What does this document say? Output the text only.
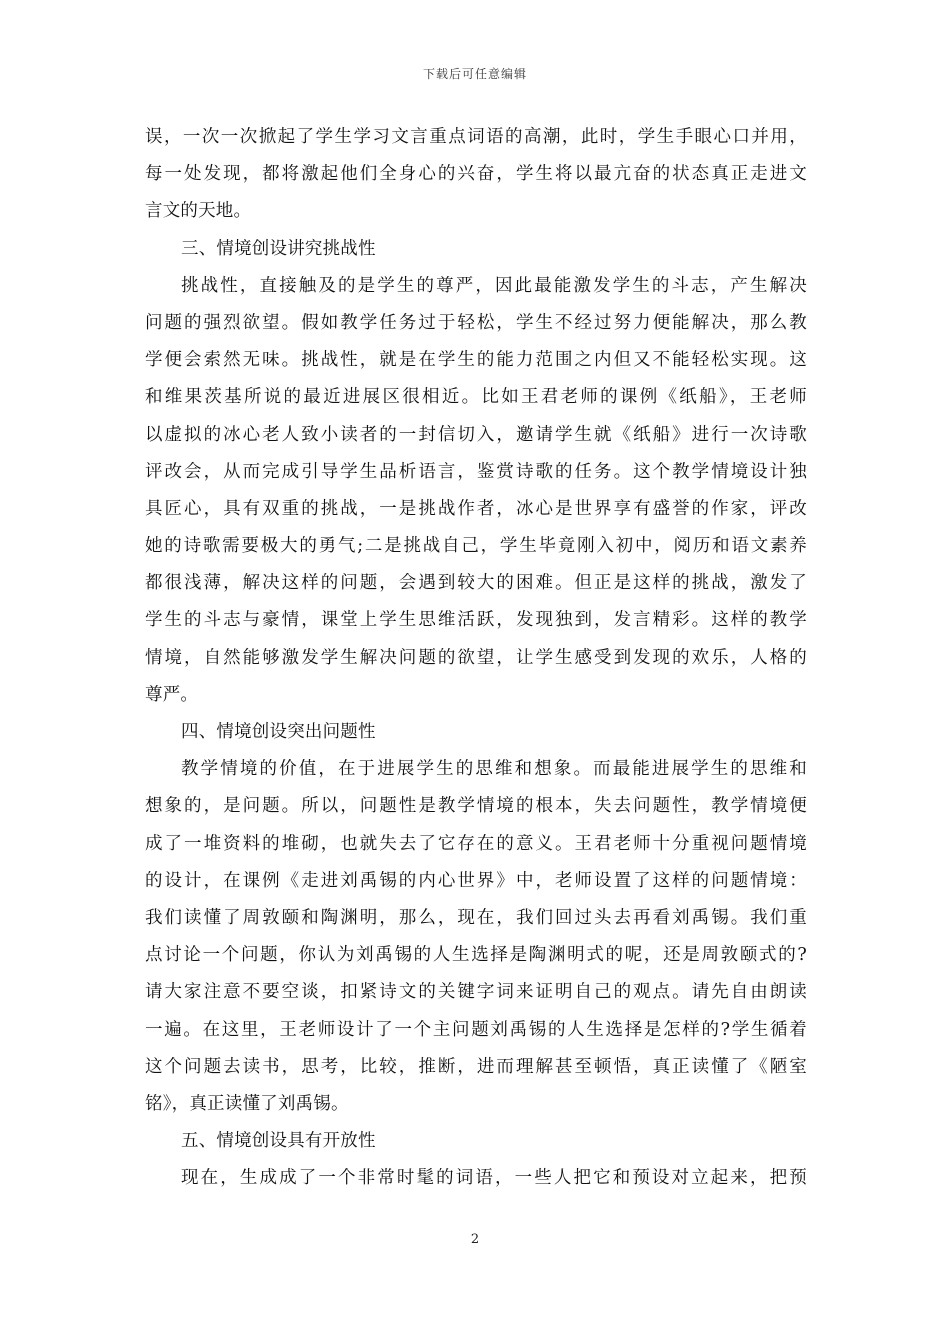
下载后可任意编辑
误，一次一次掀起了学生学习文言重点词语的高潮，此时，学生手眼心口并用，
每一处发现，都将激起他们全身心的兴奋，学生将以最亢奋的状态真正走进文
言文的天地。
三、情境创设讲究挑战性
挑战性，直接触及的是学生的尊严，因此最能激发学生的斗志，产生解决
问题的强烈欲望。假如教学任务过于轻松，学生不经过努力便能解决，那么教
学便会索然无味。挑战性，就是在学生的能力范围之内但又不能轻松实现。这
和维果茨基所说的最近进展区很相近。比如王君老师的课例《纸船》，王老师
以虚拟的冰心老人致小读者的一封信切入，邀请学生就《纸船》进行一次诗歌
评改会，从而完成引导学生品析语言，鉴赏诗歌的任务。这个教学情境设计独
具匠心，具有双重的挑战，一是挑战作者，冰心是世界享有盛誉的作家，评改
她的诗歌需要极大的勇气;二是挑战自己，学生毕竟刚入初中，阅历和语文素养
都很浅薄，解决这样的问题，会遇到较大的困难。但正是这样的挑战，激发了
学生的斗志与豪情，课堂上学生思维活跃，发现独到，发言精彩。这样的教学
情境，自然能够激发学生解决问题的欲望，让学生感受到发现的欢乐，人格的
尊严。
四、情境创设突出问题性
教学情境的价值，在于进展学生的思维和想象。而最能进展学生的思维和
想象的，是问题。所以，问题性是教学情境的根本，失去问题性，教学情境便
成了一堆资料的堆砌，也就失去了它存在的意义。王君老师十分重视问题情境
的设计，在课例《走进刘禹锡的内心世界》中，老师设置了这样的问题情境：
我们读懂了周敦颐和陶渊明，那么，现在，我们回过头去再看刘禹锡。我们重
点讨论一个问题，你认为刘禹锡的人生选择是陶渊明式的呢，还是周敦颐式的?
请大家注意不要空谈，扣紧诗文的关键字词来证明自己的观点。请先自由朗读
一遍。在这里，王老师设计了一个主问题刘禹锡的人生选择是怎样的?学生循着
这个问题去读书，思考，比较，推断，进而理解甚至顿悟，真正读懂了《陋室
铭》，真正读懂了刘禹锡。
五、情境创设具有开放性
现在，生成成了一个非常时髦的词语，一些人把它和预设对立起来，把预
2
